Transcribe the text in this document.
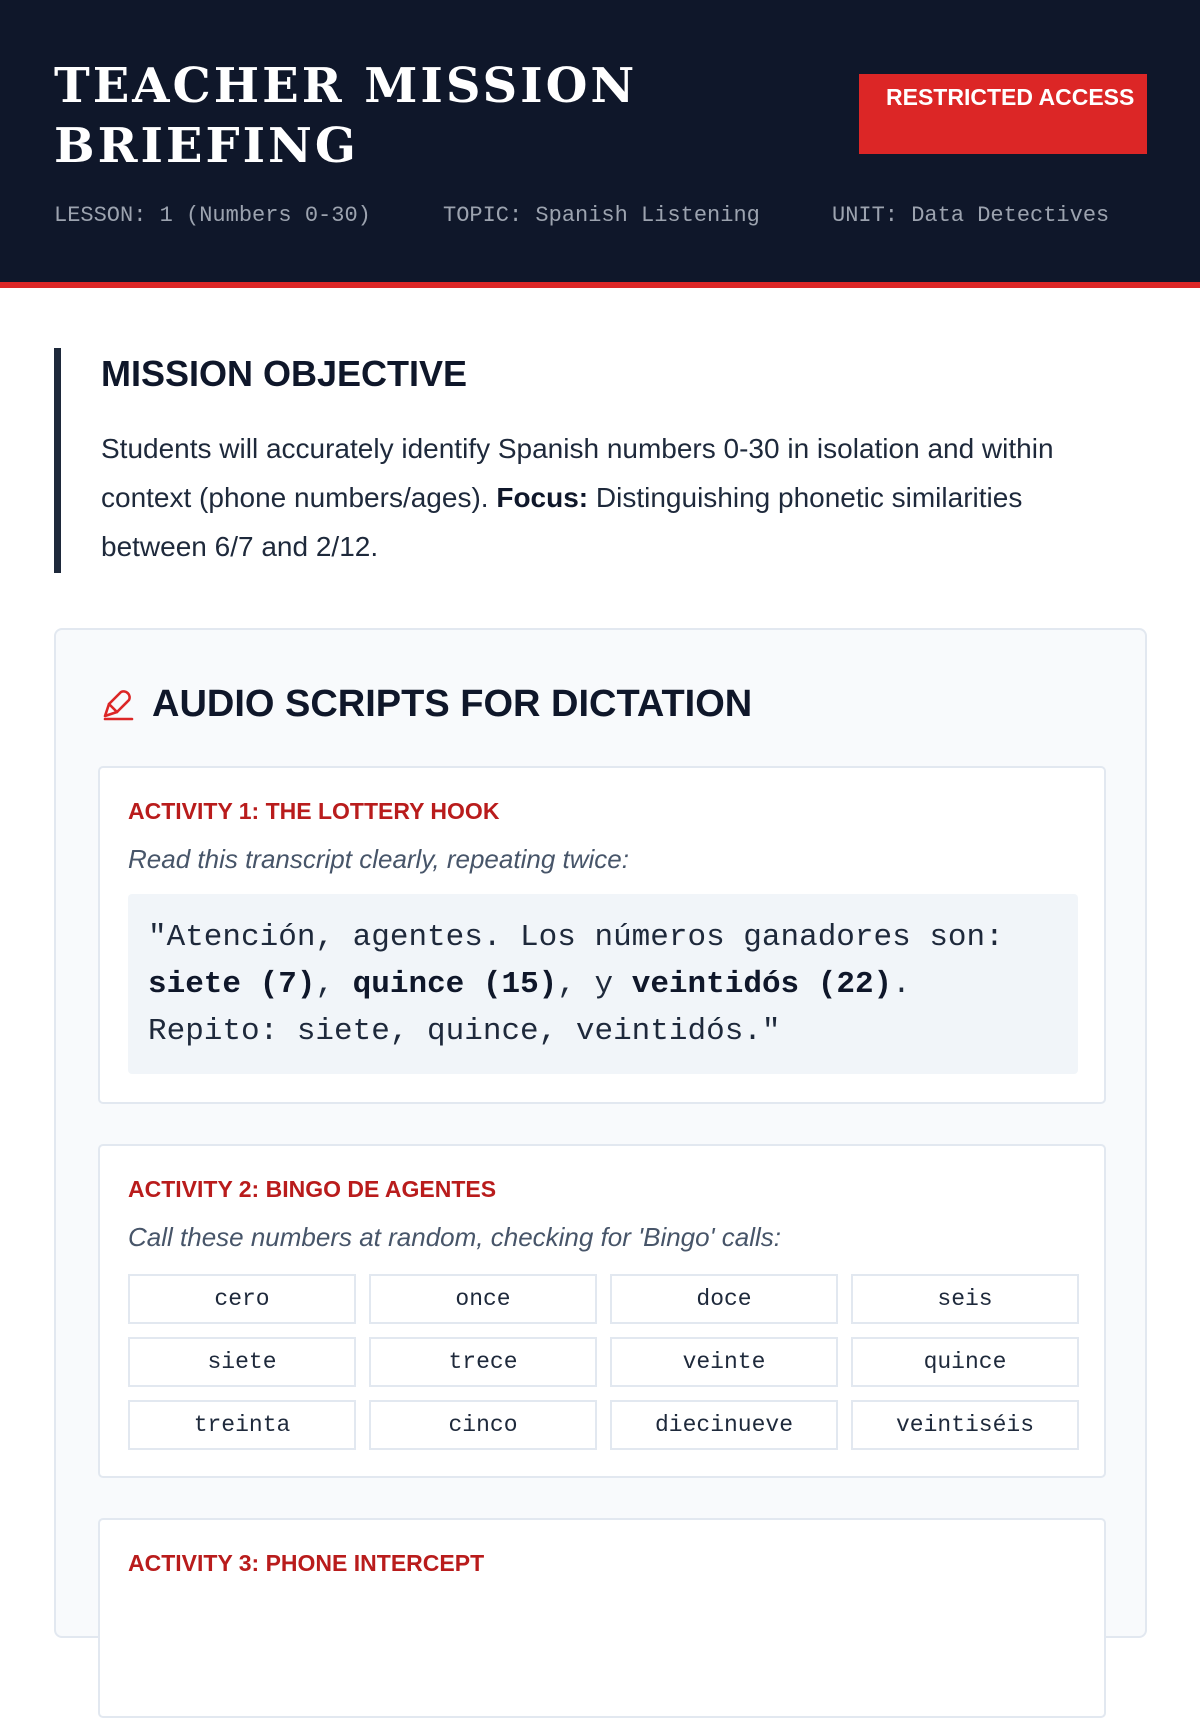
TEACHER MISSION BRIEFING
RESTRICTED ACCESS
LESSON: 1 (Numbers 0-30)	TOPIC: Spanish Listening	UNIT: Data Detectives
MISSION OBJECTIVE

Students will accurately identify Spanish numbers 0-30 in isolation and within context (phone numbers/ages). Focus: Distinguishing phonetic similarities between 6/7 and 2/12.

AUDIO SCRIPTS FOR DICTATION
ACTIVITY 1: THE LOTTERY HOOK
Read this transcript clearly, repeating twice:
"Atención, agentes. Los números ganadores son: siete (7), quince (15), y veintidós (22). Repito: siete, quince, veintidós."
ACTIVITY 2: BINGO DE AGENTES
Call these numbers at random, checking for 'Bingo' calls:
cero	once	doce	seis
siete	trece	veinte	quince
treinta	cinco	diecinueve	veintiséis
ACTIVITY 3: PHONE INTERCEPT
